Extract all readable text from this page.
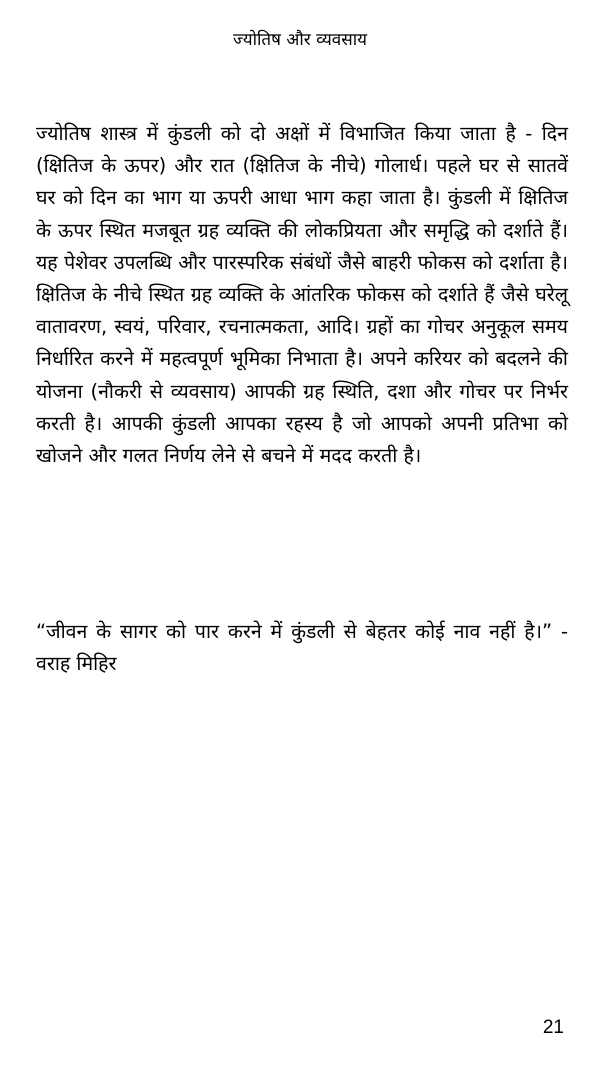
ज्योतिष और व्यवसाय

ज्योतिष शास्त्र में कुंडली को दो अक्षों में विभाजित किया जाता है - दिन (क्षितिज के ऊपर) और रात (क्षितिज के नीचे) गोलार्ध। पहले घर से सातवें घर को दिन का भाग या ऊपरी आधा भाग कहा जाता है। कुंडली में क्षितिज के ऊपर स्थित मजबूत ग्रह व्यक्ति की लोकप्रियता और समृद्धि को दर्शाते हैं। यह पेशेवर उपलब्धि और पारस्परिक संबंधों जैसे बाहरी फोकस को दर्शाता है। क्षितिज के नीचे स्थित ग्रह व्यक्ति के आंतरिक फोकस को दर्शाते हैं जैसे घरेलू वातावरण, स्वयं, परिवार, रचनात्मकता, आदि। ग्रहों का गोचर अनुकूल समय निर्धारित करने में महत्वपूर्ण भूमिका निभाता है। अपने करियर को बदलने की योजना (नौकरी से व्यवसाय) आपकी ग्रह स्थिति, दशा और गोचर पर निर्भर करती है। आपकी कुंडली आपका रहस्य है जो आपको अपनी प्रतिभा को खोजने और गलत निर्णय लेने से बचने में मदद करती है।

“जीवन के सागर को पार करने में कुंडली से बेहतर कोई नाव नहीं है।” - वराह मिहिर

21
